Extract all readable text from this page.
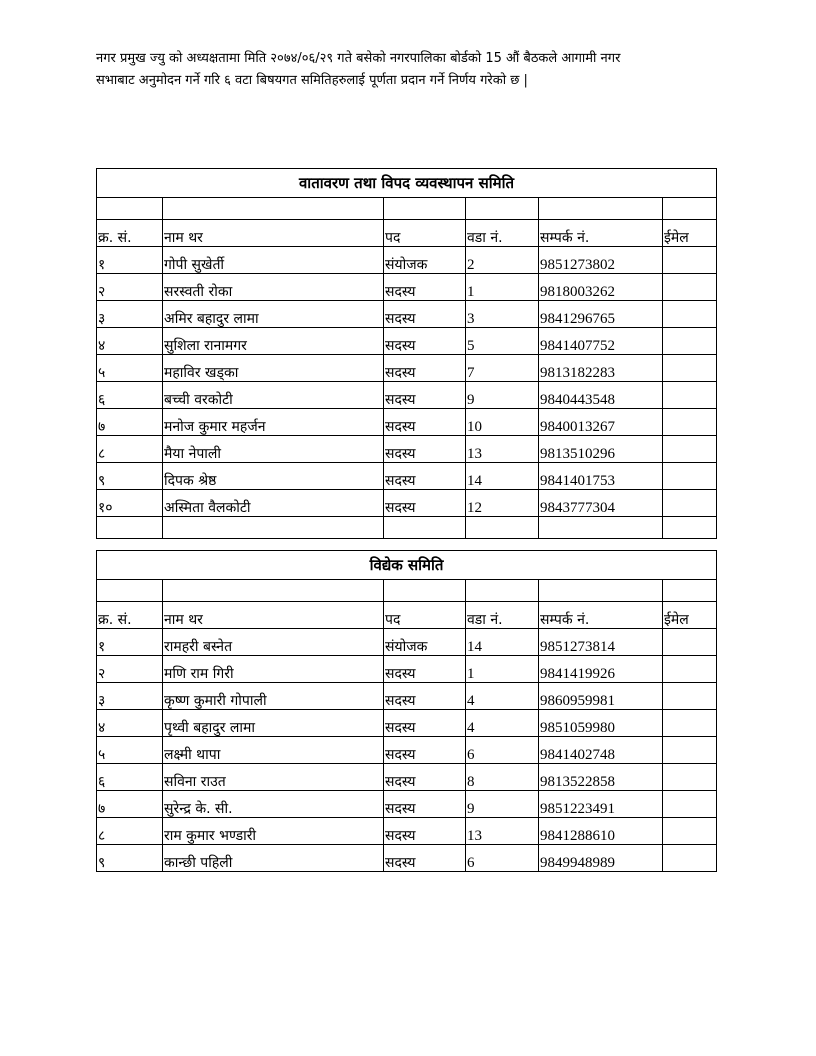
नगर प्रमुख ज्यु को अध्यक्षतामा मिति २०७४/०६/२९ गते बसेको नगरपालिका बोर्डको 15 औं बैठकले आगामी नगर
सभाबाट अनुमोदन गर्ने गरि ६ वटा बिषयगत समितिहरुलाई पूर्णता प्रदान गर्ने निर्णय गरेको छ |

वातावरण तथा विपद व्यवस्थापन समिति					

क्र. सं.	नाम थर	पद	वडा नं.	सम्पर्क नं.	ईमेल
१	गोपी सुखेर्ती	संयोजक	2	9851273802	
२	सरस्वती रोका	सदस्य	1	9818003262	
३	अमिर बहादुर लामा	सदस्य	3	9841296765	
४	सुशिला रानामगर	सदस्य	5	9841407752	
५	महाविर खड्का	सदस्य	7	9813182283	
६	बच्ची वरकोटी	सदस्य	9	9840443548	
७	मनोज कुमार महर्जन	सदस्य	10	9840013267	
८	मैया नेपाली	सदस्य	13	9813510296	
९	दिपक श्रेष्ठ	सदस्य	14	9841401753	
१०	अस्मिता वैलकोटी	सदस्य	12	9843777304	

विद्येक समिति					

क्र. सं.	नाम थर	पद	वडा नं.	सम्पर्क नं.	ईमेल
१	रामहरी बस्नेत	संयोजक	14	9851273814	
२	मणि राम गिरी	सदस्य	1	9841419926	
३	कृष्ण कुमारी गोपाली	सदस्य	4	9860959981	
४	पृथ्वी बहादुर लामा	सदस्य	4	9851059980	
५	लक्ष्मी थापा	सदस्य	6	9841402748	
६	सविना राउत	सदस्य	8	9813522858	
७	सुरेन्द्र के. सी.	सदस्य	9	9851223491	
८	राम कुमार भण्डारी	सदस्य	13	9841288610	
९	कान्छी पहिली	सदस्य	6	9849948989	
